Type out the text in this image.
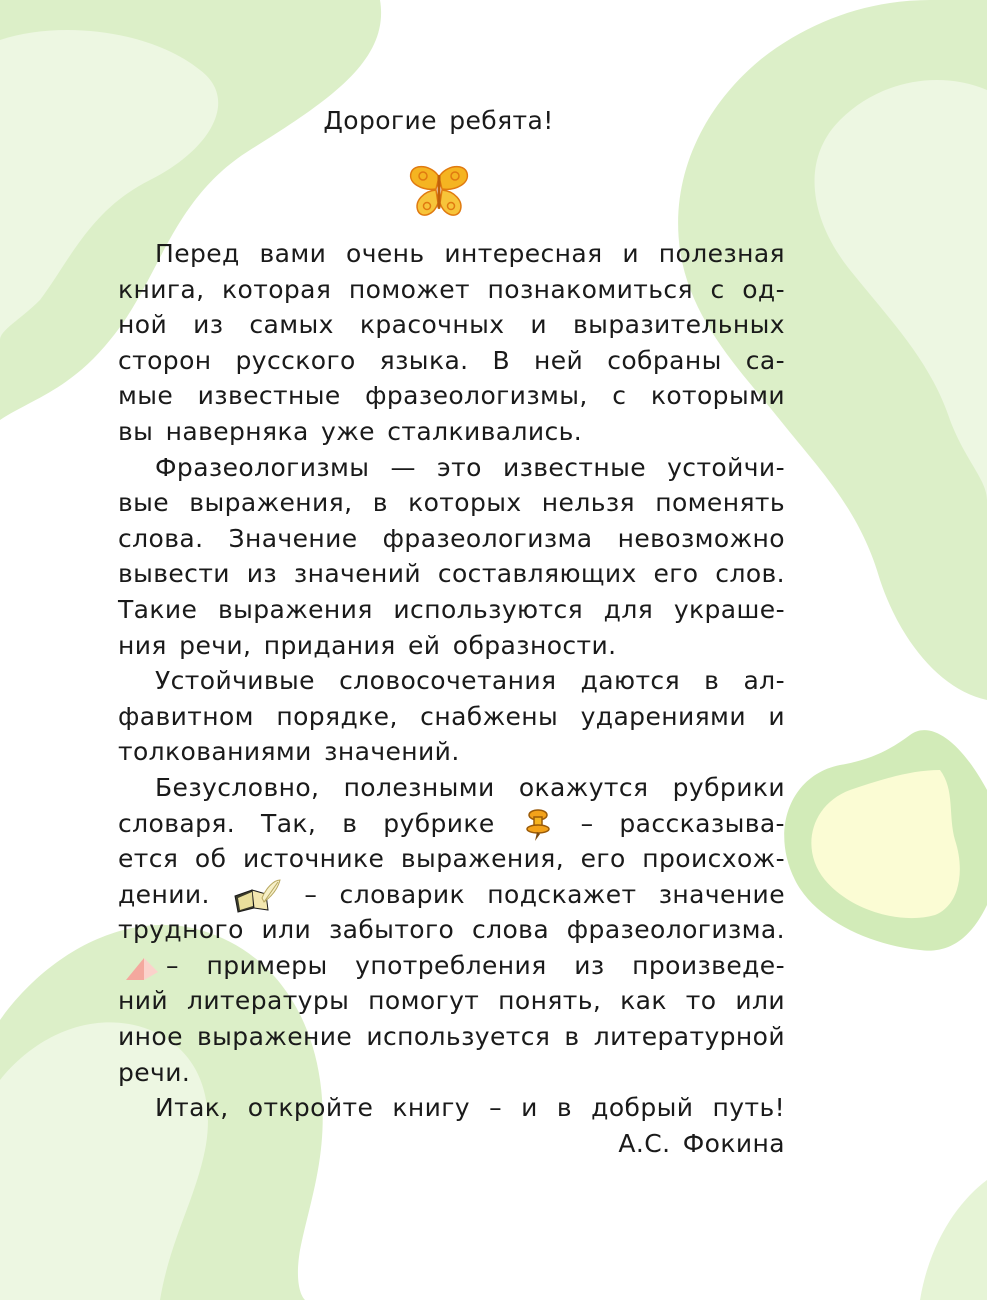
Дорогие ребята!
Перед вами очень интересная и полезная
книга, которая поможет познакомиться с од-
ной из самых красочных и выразительных
сторон русского языка. В ней собраны са-
мые известные фразеологизмы, с которыми
вы наверняка уже сталкивались.
Фразеологизмы — это известные устойчи-
вые выражения, в которых нельзя поменять
слова. Значение фразеологизма невозможно
вывести из значений составляющих его слов.
Такие выражения используются для украше-
ния речи, придания ей образности.
Устойчивые словосочетания даются в ал-
фавитном порядке, снабжены ударениями и
толкованиями значений.
Безусловно, полезными окажутся рубрики
словаря. Так, в рубрике	– рассказыва-
ется об источнике выражения, его происхож-
дении.	– словарик подскажет значение
трудного или забытого слова фразеологизма.
– примеры употребления из произведе-
ний литературы помогут понять, как то или
иное выражение используется в литературной
речи.
Итак, откройте книгу – и в добрый путь!
А.С. Фокина
